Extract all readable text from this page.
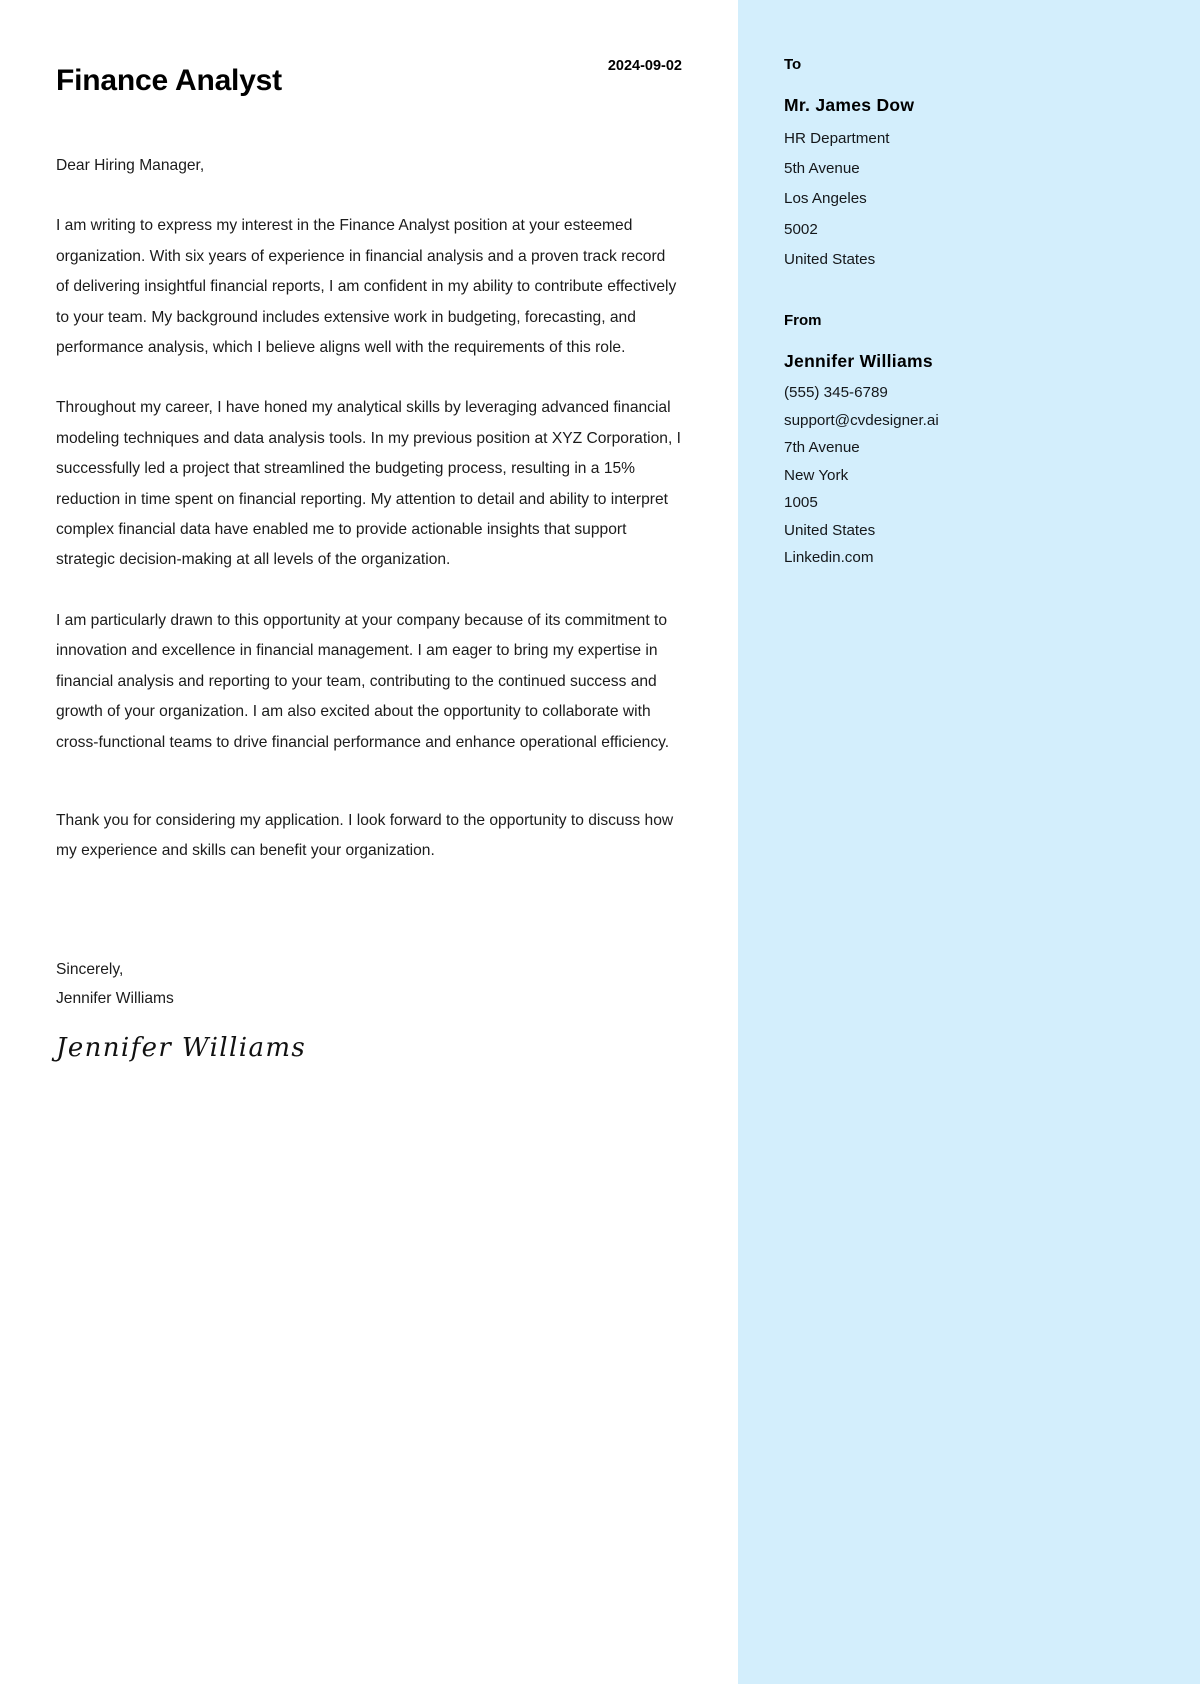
Finance Analyst	2024-09-02

Dear Hiring Manager,

I am writing to express my interest in the Finance Analyst position at your esteemed organization. With six years of experience in financial analysis and a proven track record of delivering insightful financial reports, I am confident in my ability to contribute effectively to your team. My background includes extensive work in budgeting, forecasting, and performance analysis, which I believe aligns well with the requirements of this role.

Throughout my career, I have honed my analytical skills by leveraging advanced financial modeling techniques and data analysis tools. In my previous position at XYZ Corporation, I successfully led a project that streamlined the budgeting process, resulting in a 15% reduction in time spent on financial reporting. My attention to detail and ability to interpret complex financial data have enabled me to provide actionable insights that support strategic decision-making at all levels of the organization.

I am particularly drawn to this opportunity at your company because of its commitment to innovation and excellence in financial management. I am eager to bring my expertise in financial analysis and reporting to your team, contributing to the continued success and growth of your organization. I am also excited about the opportunity to collaborate with cross-functional teams to drive financial performance and enhance operational efficiency.

Thank you for considering my application. I look forward to the opportunity to discuss how my experience and skills can benefit your organization.

Sincerely,
Jennifer Williams
Jennifer Williams
To
Mr. James Dow
HR Department
5th Avenue
Los Angeles
5002
United States
From
Jennifer Williams
(555) 345-6789
support@cvdesigner.ai
7th Avenue
New York
1005
United States
Linkedin.com
